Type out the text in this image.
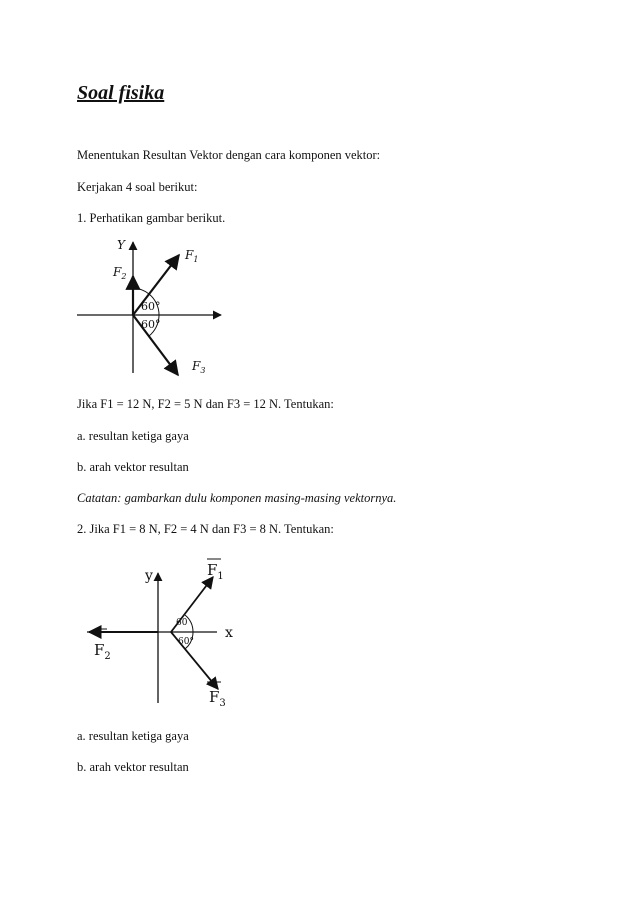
Soal fisika
Menentukan Resultan Vektor dengan cara komponen vektor:
Kerjakan 4 soal berikut:
1. Perhatikan gambar berikut.
Y
$F_2$
$F_1$
$F_3$
60°
60°
Jika F1 = 12 N, F2 = 5 N dan F3 = 12 N. Tentukan:
a. resultan ketiga gaya
b. arah vektor resultan
Catatan: gambarkan dulu komponen masing-masing vektornya.
2. Jika F1 = 8 N, F2 = 4 N dan F3 = 8 N. Tentukan:
y
x
$F_1$
$F_2$
$F_3$
60
60°
a. resultan ketiga gaya
b. arah vektor resultan
